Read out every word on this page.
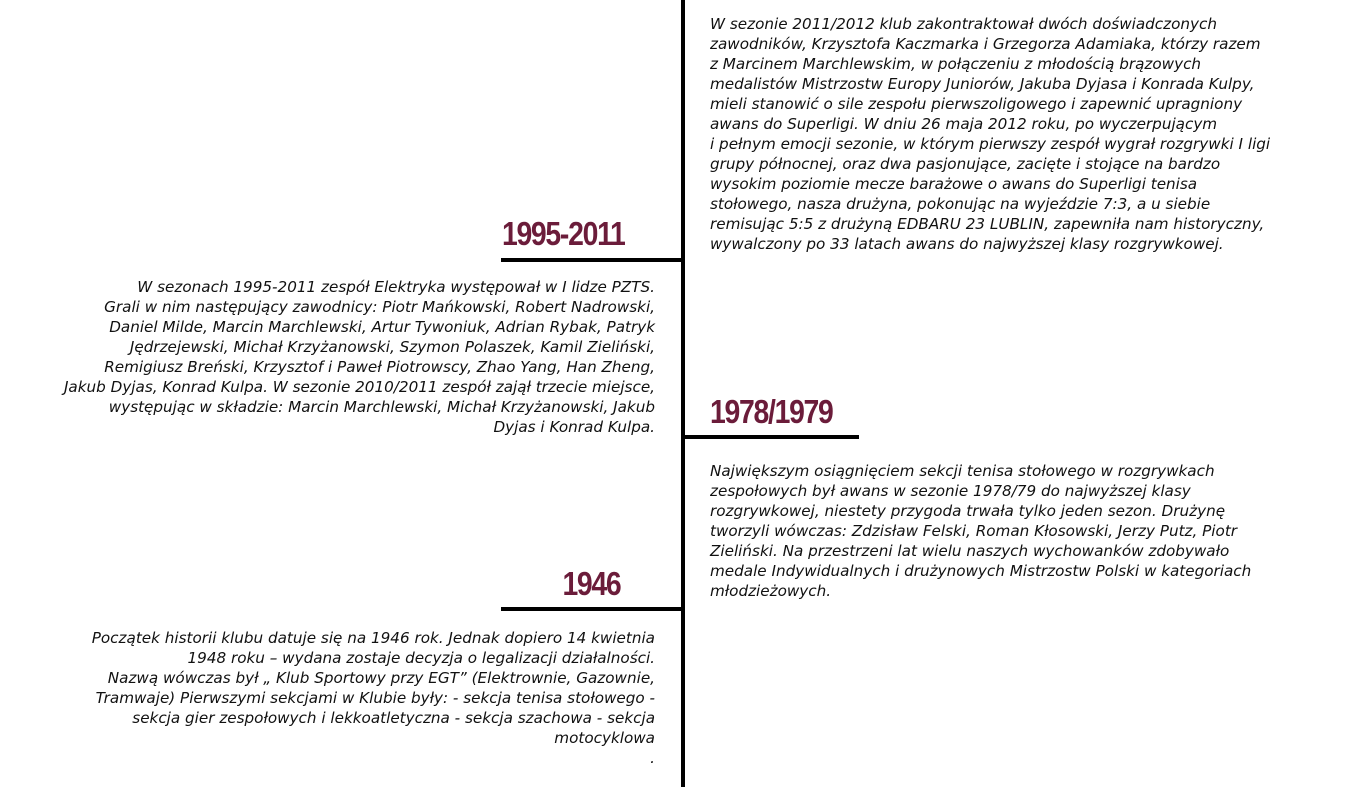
W sezonie 2011/2012 klub zakontraktował dwóch doświadczonych
zawodników, Krzysztofa Kaczmarka i Grzegorza Adamiaka, którzy razem
z Marcinem Marchlewskim, w połączeniu z młodością brązowych
medalistów Mistrzostw Europy Juniorów, Jakuba Dyjasa i Konrada Kulpy,
mieli stanowić o sile zespołu pierwszoligowego i zapewnić upragniony
awans do Superligi. W dniu 26 maja 2012 roku, po wyczerpującym
i pełnym emocji sezonie, w którym pierwszy zespół wygrał rozgrywki I ligi
grupy północnej, oraz dwa pasjonujące, zacięte i stojące na bardzo
wysokim poziomie mecze barażowe o awans do Superligi tenisa
stołowego, nasza drużyna, pokonując na wyjeździe 7:3, a u siebie
remisując 5:5 z drużyną EDBARU 23 LUBLIN, zapewniła nam historyczny,
wywalczony po 33 latach awans do najwyższej klasy rozgrywkowej.

1995-2011

W sezonach 1995-2011 zespół Elektryka występował w I lidze PZTS.
Grali w nim następujący zawodnicy: Piotr Mańkowski, Robert Nadrowski,
Daniel Milde, Marcin Marchlewski, Artur Tywoniuk, Adrian Rybak, Patryk
Jędrzejewski, Michał Krzyżanowski, Szymon Polaszek, Kamil Zieliński,
Remigiusz Breński, Krzysztof i Paweł Piotrowscy, Zhao Yang, Han Zheng,
Jakub Dyjas, Konrad Kulpa. W sezonie 2010/2011 zespół zajął trzecie miejsce,
występując w składzie: Marcin Marchlewski, Michał Krzyżanowski, Jakub
Dyjas i Konrad Kulpa. 1978/1979

Największym osiągnięciem sekcji tenisa stołowego w rozgrywkach
zespołowych był awans w sezonie 1978/79 do najwyższej klasy
rozgrywkowej, niestety przygoda trwała tylko jeden sezon. Drużynę
tworzyli wówczas: Zdzisław Felski, Roman Kłosowski, Jerzy Putz, Piotr
Zieliński. Na przestrzeni lat wielu naszych wychowanków zdobywało
medale Indywidualnych i drużynowych Mistrzostw Polski w kategoriach
młodzieżowych.

1946

Początek historii klubu datuje się na 1946 rok. Jednak dopiero 14 kwietnia
1948 roku – wydana zostaje decyzja o legalizacji działalności.
Nazwą wówczas był „ Klub Sportowy przy EGT” (Elektrownie, Gazownie,
Tramwaje) Pierwszymi sekcjami w Klubie były: - sekcja tenisa stołowego -
sekcja gier zespołowych i lekkoatletyczna - sekcja szachowa - sekcja
motocyklowa
.
